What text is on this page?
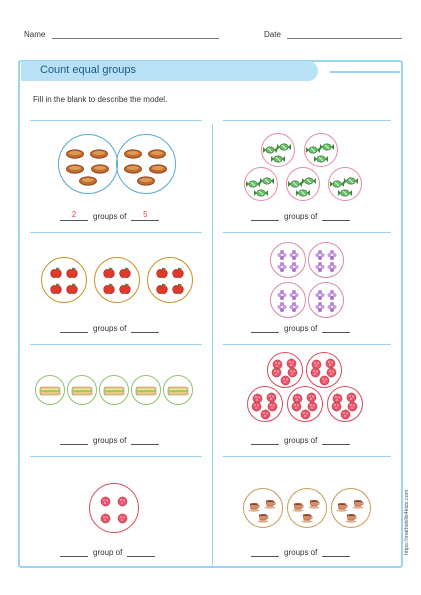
Name	Date
Count equal groups
Fill in the blank to describe the model.
2	groups of	5	groups of
groups of	groups of
groups of	groups of
group of	groups of	https://mathskills4kids.com
